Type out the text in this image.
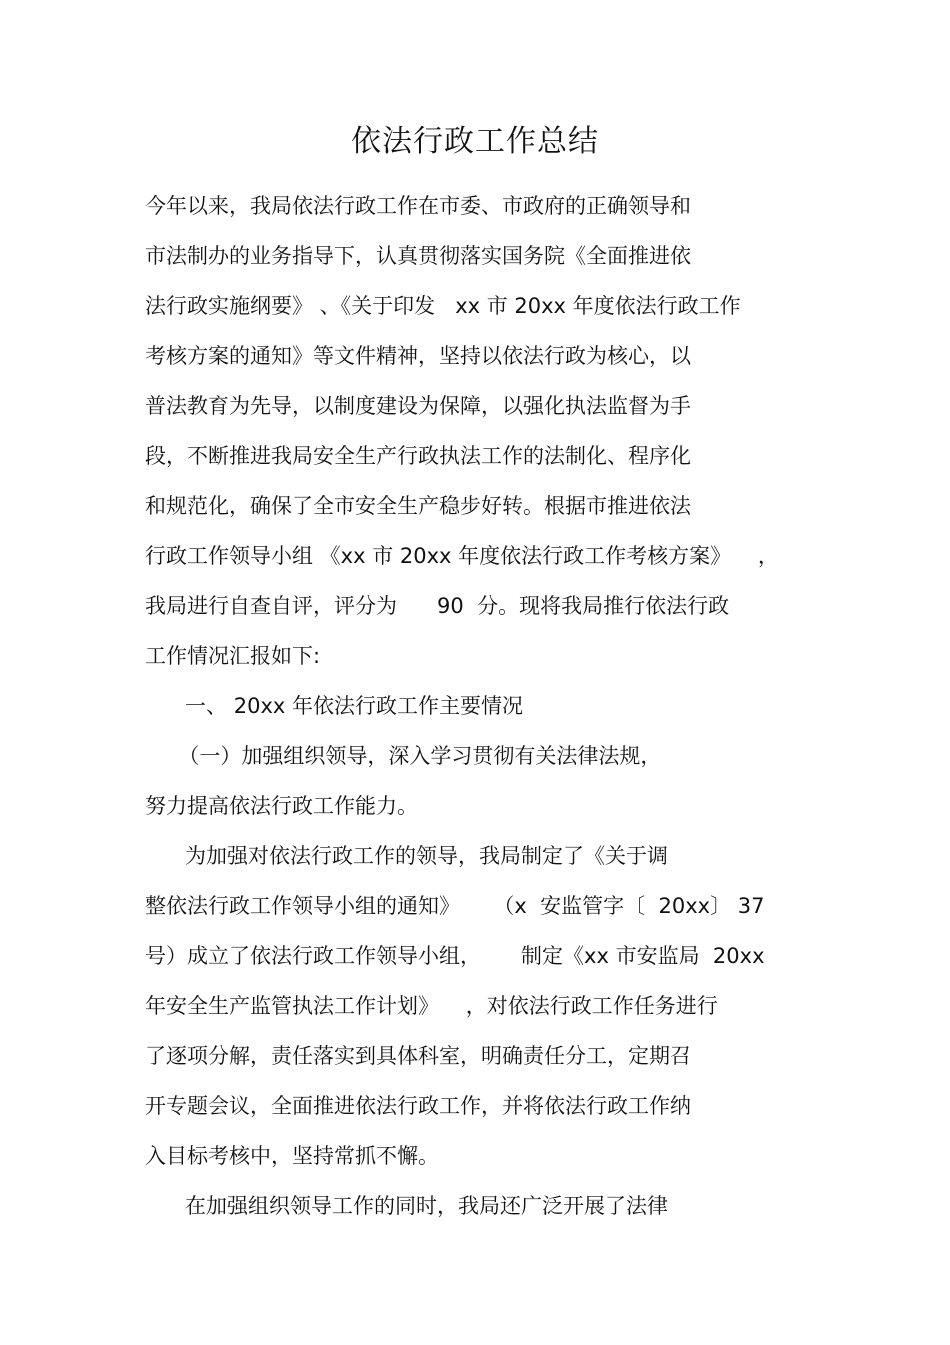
依法行政工作总结
今年以来，我局依法行政工作在市委、市政府的正确领导和
市法制办的业务指导下，认真贯彻落实国务院《全面推进依
法行政实施纲要》 、《关于印发   xx 市 20xx 年度依法行政工作
考核方案的通知》等文件精神，坚持以依法行政为核心，以
普法教育为先导，以制度建设为保障，以强化执法监督为手
段，不断推进我局安全生产行政执法工作的法制化、程序化
和规范化，确保了全市安全生产稳步好转。根据市推进依法
行政工作领导小组 《xx 市 20xx 年度依法行政工作考核方案》    ，
我局进行自查自评，评分为      90  分。现将我局推行依法行政
工作情况汇报如下:
一、 20xx 年依法行政工作主要情况
（一）加强组织领导，深入学习贯彻有关法律法规，
努力提高依法行政工作能力。
为加强对依法行政工作的领导，我局制定了《关于调
整依法行政工作领导小组的通知》     （x  安监管字〔  20xx〕 37
号）成立了依法行政工作领导小组，      制定《xx 市安监局  20xx
年安全生产监管执法工作计划》    ，对依法行政工作任务进行
了逐项分解，责任落实到具体科室，明确责任分工，定期召
开专题会议，全面推进依法行政工作，并将依法行政工作纳
入目标考核中，坚持常抓不懈。
在加强组织领导工作的同时，我局还广泛开展了法律
